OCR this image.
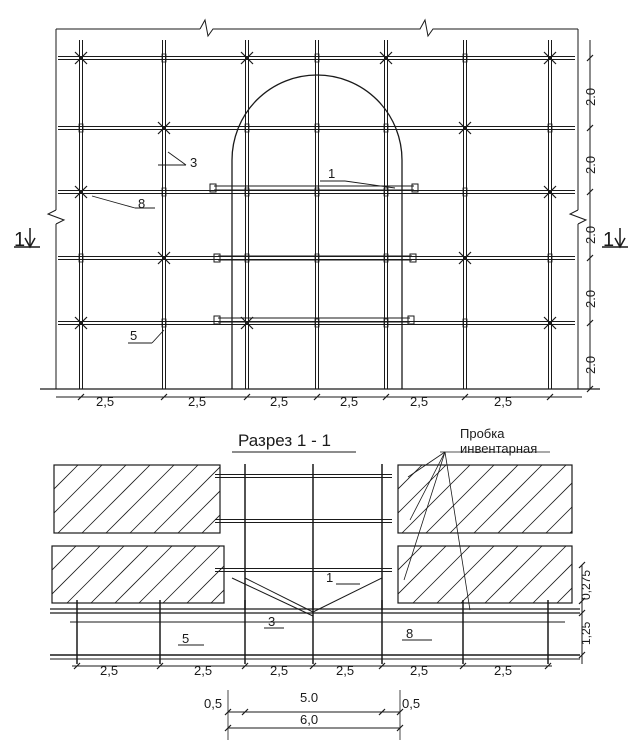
1	1
3
1
8
5
2,5	2,5	2,5	2,5	2,5	2,5
2.0
2.0
2.0
2.0
2.0
Разрез 1 - 1	Пробка
инвентарная
1
3
5	8
2,5	2,5	2,5	2,5	2,5	2,5
0,275
1,25
0,5	5.0	0,5
6,0
